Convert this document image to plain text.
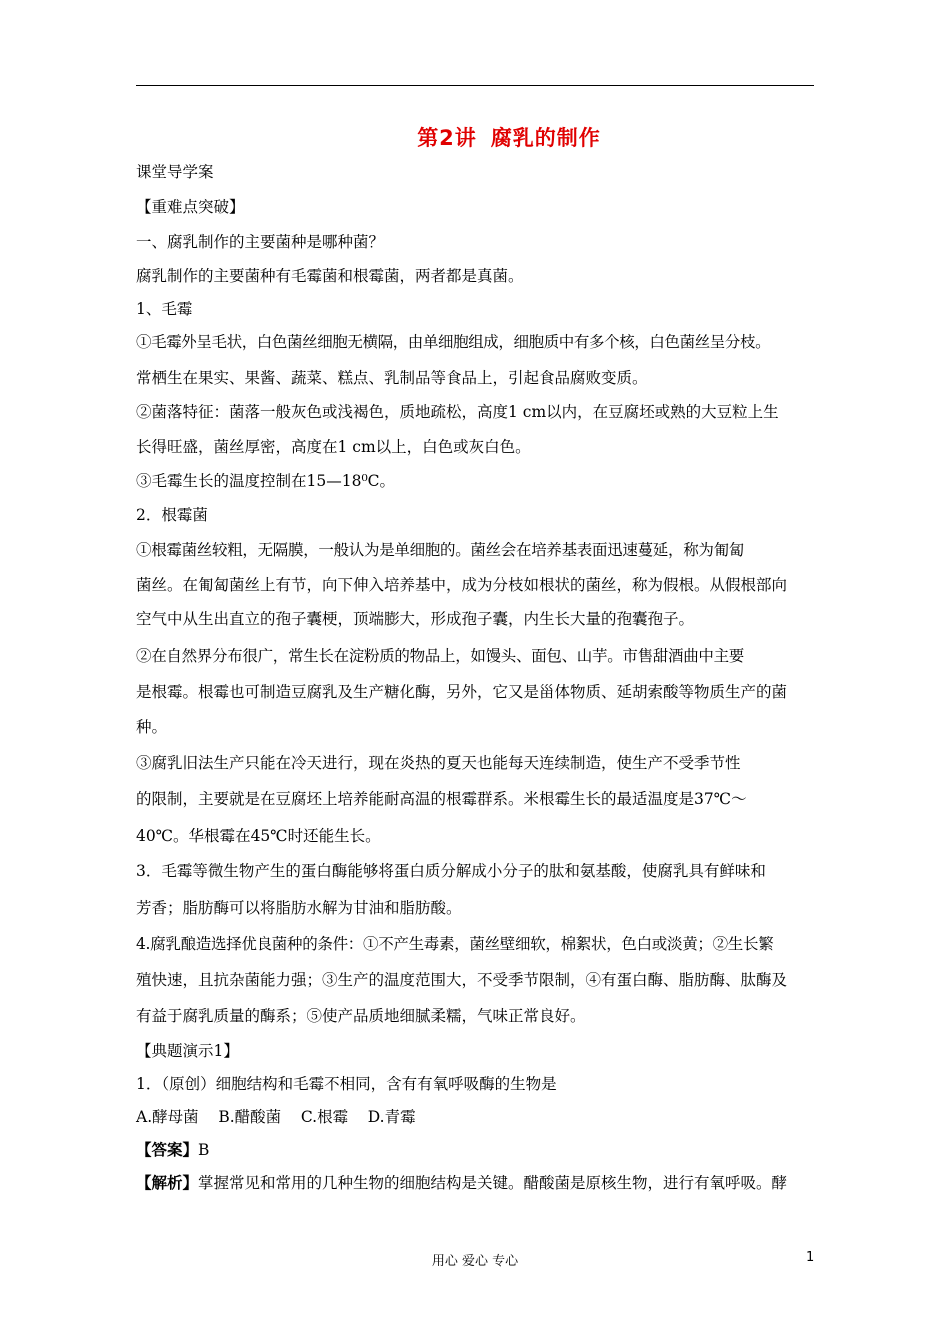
第2讲 腐乳的制作
课堂导学案
【重难点突破】
一、腐乳制作的主要菌种是哪种菌？
腐乳制作的主要菌种有毛霉菌和根霉菌，两者都是真菌。
1、毛霉
①毛霉外呈毛状，白色菌丝细胞无横隔，由单细胞组成，细胞质中有多个核，白色菌丝呈分枝。
常栖生在果实、果酱、蔬菜、糕点、乳制品等食品上，引起食品腐败变质。
②菌落特征：菌落一般灰色或浅褐色，质地疏松，高度1 cm以内，在豆腐坯或熟的大豆粒上生
长得旺盛，菌丝厚密，高度在1 cm以上，白色或灰白色。
③毛霉生长的温度控制在15—18⁰C。
2．根霉菌
①根霉菌丝较粗，无隔膜，一般认为是单细胞的。菌丝会在培养基表面迅速蔓延，称为匍匐
菌丝。在匍匐菌丝上有节，向下伸入培养基中，成为分枝如根状的菌丝，称为假根。从假根部向
空气中从生出直立的孢子囊梗，顶端膨大，形成孢子囊，内生长大量的孢囊孢子。
②在自然界分布很广，常生长在淀粉质的物品上，如馒头、面包、山芋。市售甜酒曲中主要
是根霉。根霉也可制造豆腐乳及生产糖化酶，另外，它又是甾体物质、延胡索酸等物质生产的菌
种。
③腐乳旧法生产只能在冷天进行，现在炎热的夏天也能每天连续制造，使生产不受季节性
的限制，主要就是在豆腐坯上培养能耐高温的根霉群系。米根霉生长的最适温度是37℃～
40℃。华根霉在45℃时还能生长。
3．毛霉等微生物产生的蛋白酶能够将蛋白质分解成小分子的肽和氨基酸，使腐乳具有鲜味和
芳香；脂肪酶可以将脂肪水解为甘油和脂肪酸。
4.腐乳酿造选择优良菌种的条件：①不产生毒素，菌丝壁细软，棉絮状，色白或淡黄；②生长繁
殖快速，且抗杂菌能力强；③生产的温度范围大，不受季节限制，④有蛋白酶、脂肪酶、肽酶及
有益于腐乳质量的酶系；⑤使产品质地细腻柔糯，气味正常良好。
【典题演示1】
1．（原创）细胞结构和毛霉不相同，含有有氧呼吸酶的生物是
A.酵母菌    B.醋酸菌    C.根霉    D.青霉
【答案】B
【解析】掌握常见和常用的几种生物的细胞结构是关键。醋酸菌是原核生物，进行有氧呼吸。酵
用心 爱心 专心	1
